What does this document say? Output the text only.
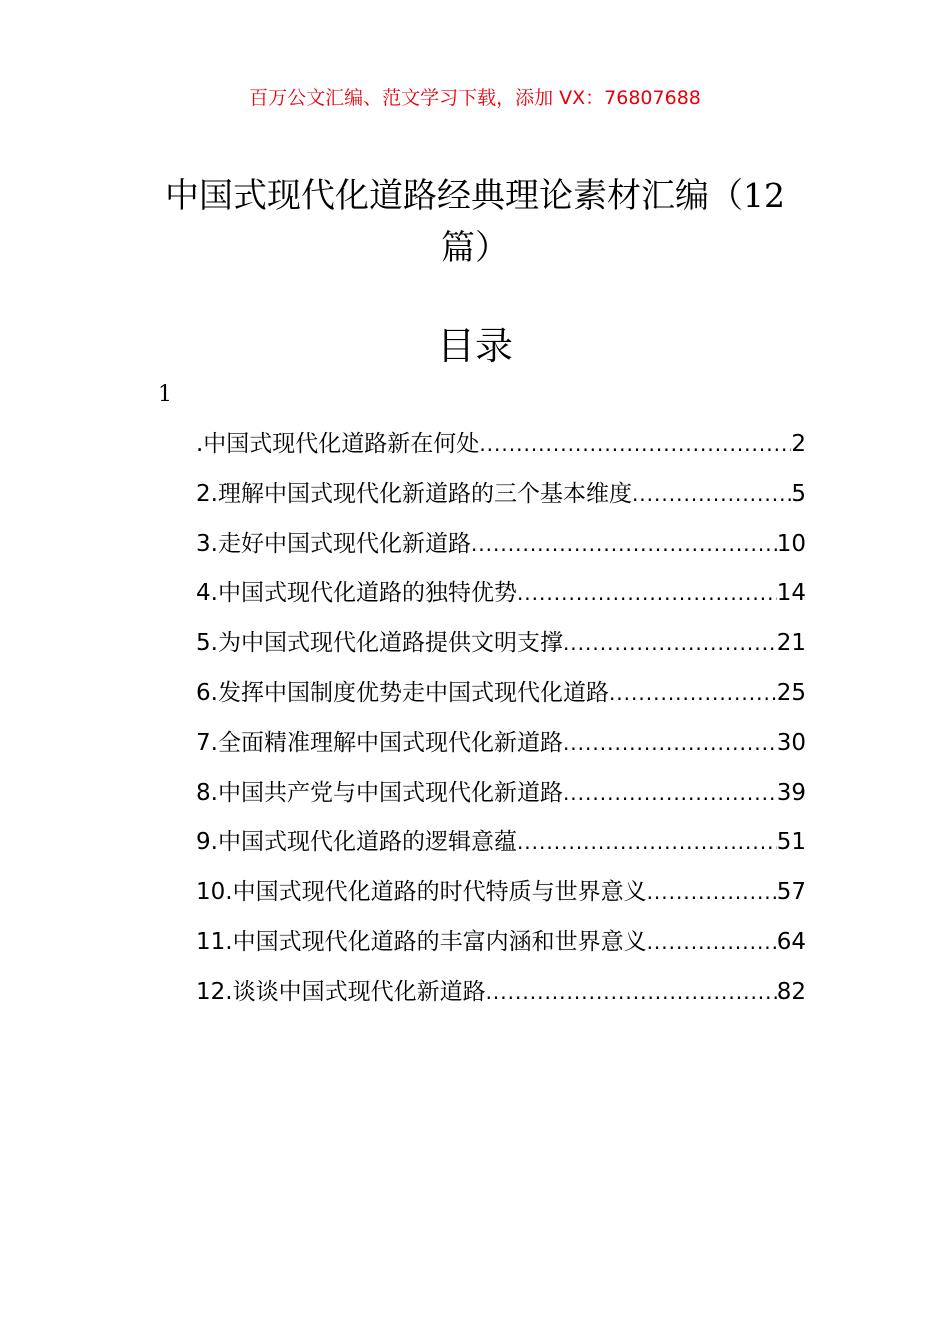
百万公文汇编、范文学习下载，添加 VX：76807688
中国式现代化道路经典理论素材汇编（12
篇）
目录
1
.中国式现代化道路新在何处 .....	2
2.理解中国式现代化新道路的三个基本维度 .....	5
3.走好中国式现代化新道路 .....	10
4.中国式现代化道路的独特优势 .....	14
5.为中国式现代化道路提供文明支撑 .....	21
6.发挥中国制度优势走中国式现代化道路 .....	25
7.全面精准理解中国式现代化新道路 .....	30
8.中国共产党与中国式现代化新道路 .....	39
9.中国式现代化道路的逻辑意蕴 .....	51
10.中国式现代化道路的时代特质与世界意义 .....	57
11.中国式现代化道路的丰富内涵和世界意义 .....	64
12.谈谈中国式现代化新道路 .....	82
